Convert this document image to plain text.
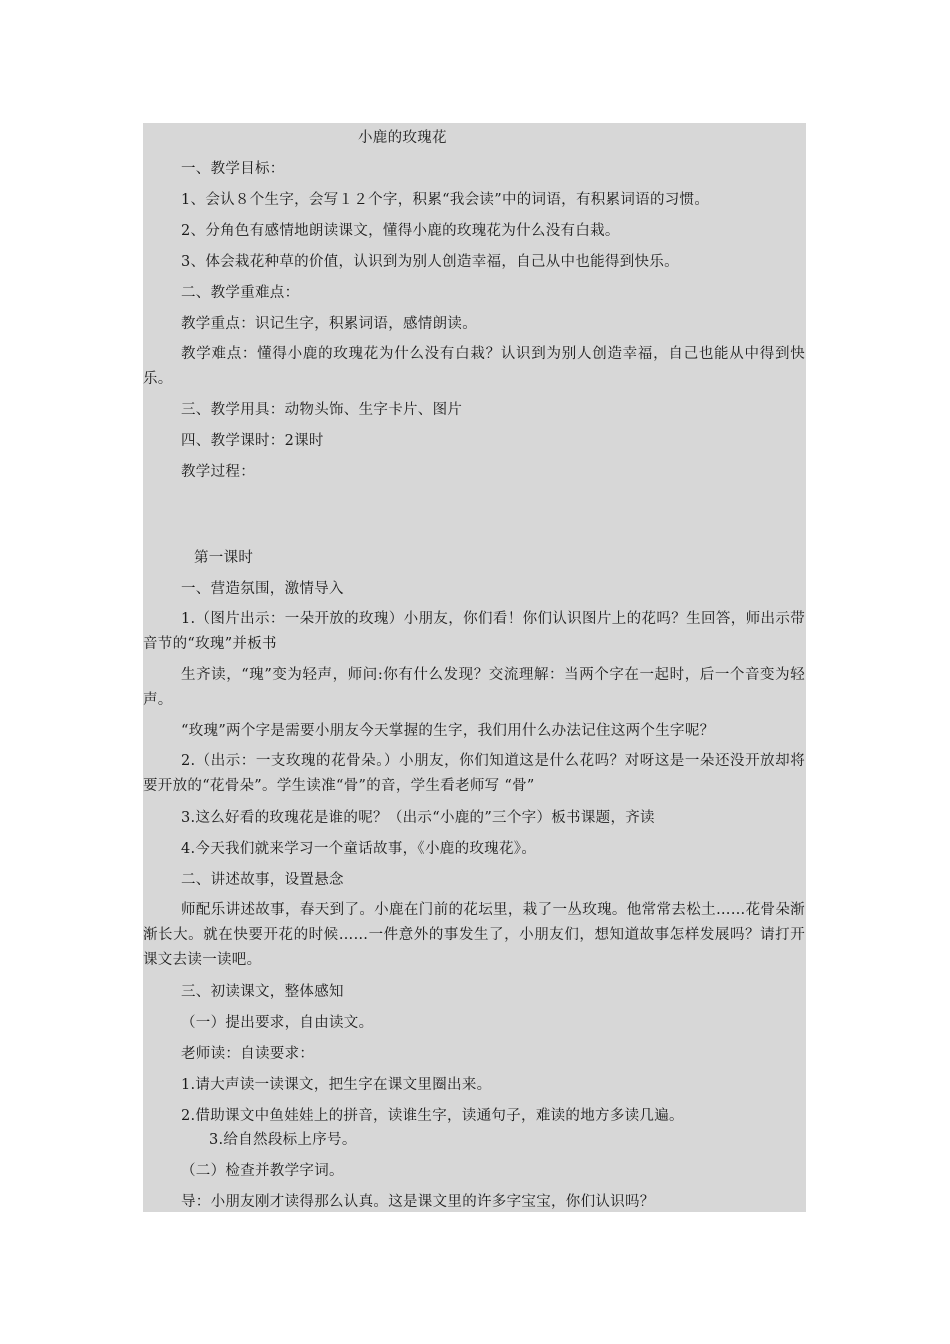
小鹿的玫瑰花
一、教学目标：
1、会认８个生字，会写１２个字，积累“我会读”中的词语，有积累词语的习惯。
2、分角色有感情地朗读课文，懂得小鹿的玫瑰花为什么没有白栽。
3、体会栽花种草的价值，认识到为别人创造幸福，自己从中也能得到快乐。
二、教学重难点：
教学重点：识记生字，积累词语，感情朗读。
教学难点：懂得小鹿的玫瑰花为什么没有白栽？认识到为别人创造幸福，自己也能从中得到快乐。
三、教学用具：动物头饰、生字卡片、图片
四、教学课时：2课时
教学过程：
第一课时
一、营造氛围，激情导入
1.（图片出示：一朵开放的玫瑰）小朋友，你们看！你们认识图片上的花吗？生回答，师出示带音节的“玫瑰”并板书
生齐读，“瑰”变为轻声，师问:你有什么发现？交流理解：当两个字在一起时，后一个音变为轻声。
“玫瑰”两个字是需要小朋友今天掌握的生字，我们用什么办法记住这两个生字呢？
2.（出示：一支玫瑰的花骨朵。）小朋友，你们知道这是什么花吗？对呀这是一朵还没开放却将要开放的“花骨朵”。学生读准“骨”的音，学生看老师写 “骨”
3.这么好看的玫瑰花是谁的呢？（出示“小鹿的”三个字）板书课题，齐读
4.今天我们就来学习一个童话故事，《小鹿的玫瑰花》。
二、讲述故事，设置悬念
师配乐讲述故事，春天到了。小鹿在门前的花坛里，栽了一丛玫瑰。他常常去松土……花骨朵渐渐长大。就在快要开花的时候……一件意外的事发生了，小朋友们，想知道故事怎样发展吗？请打开课文去读一读吧。
三、初读课文，整体感知
（一）提出要求，自由读文。
老师读：自读要求：
1.请大声读一读课文，把生字在课文里圈出来。
2.借助课文中鱼娃娃上的拼音，读谁生字，读通句子，难读的地方多读几遍。
3.给自然段标上序号。
（二）检查并教学字词。
导：小朋友刚才读得那么认真。这是课文里的许多字宝宝，你们认识吗？
